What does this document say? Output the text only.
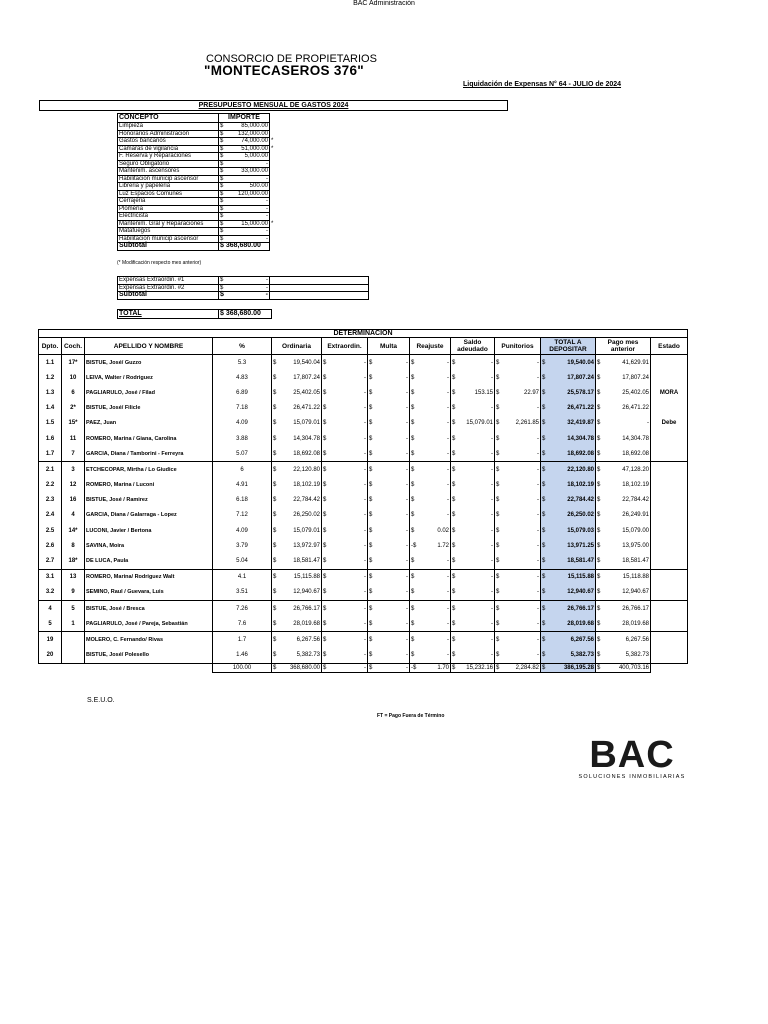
BAC Administración
CONSORCIO DE PROPIETARIOS
"MONTECASEROS 376"
Liquidación de Expensas N° 64 - JULIO de 2024
PRESUPUESTO MENSUAL DE GASTOS 2024
CONCEPTO	IMPORTE		
Limpieza	$	85,000.00	
Honorarios Administración	$	132,000.00	
Gastos bancarios	$	74,000.00	*
Camaras de vigilancia	$	51,000.00	*
F. Reserva y Reparaciones	$	5,000.00	
Seguro Obligatorio	$	-	
Mantenim. ascensores	$	33,000.00	
Habilitacion municip ascensor	$	-	
Libreria y papeleria	$	500.00	
Luz Espacios Comunes	$	120,000.00	
Cerrajeria	$	-	
Plomería	$	-	
Electricista	$	-	
Mantenim. Gral y Reparaciones	$	15,000.00	*
Matafuegos	$	-	
Habilitacion municip ascensor	$	-	
Subtotal	$ 368,680.00		
(* Modificación respecto mes anterior)
Expensas Extraordin. #1	$	-	
Expensas Extraordin. #2	$	-	
Subtotal	$	-	
TOTAL	$ 368,680.00
DETERMINACION																				
Dpto.	Coch.	APELLIDO Y NOMBRE	%	Ordinaria		Extraordin.		Multa		Reajuste		Saldo adeudado		Punitorios		TOTAL A DEPOSITAR		Pago mes anterior		Estado
1.1	17*	BISTUE, José/ Guzzo	5.3	$	19,540.04	$	-	$	-	$	-	$	-	$	-	$	19,540.04	$	41,629.91	
1.2	10	LEIVA, Walter / Rodriguez	4.83	$	17,807.24	$	-	$	-	$	-	$	-	$	-	$	17,807.24	$	17,807.24	
1.3	6	PAGLIARULO, José / Filad	6.89	$	25,402.05	$	-	$	-	$	-	$	153.15	$	22.97	$	25,578.17	$	25,402.05	MORA
1.4	2*	BISTUE, José/ Filicle	7.18	$	26,471.22	$	-	$	-	$	-	$	-	$	-	$	26,471.22	$	26,471.22	
1.5	15*	PAEZ, Juan	4.09	$	15,079.01	$	-	$	-	$	-	$	15,079.01	$	2,261.85	$	32,419.87	$	-	Debe
1.6	11	ROMERO, Marina / Giana, Carolina	3.88	$	14,304.78	$	-	$	-	$	-	$	-	$	-	$	14,304.78	$	14,304.78	
1.7	7	GARCIA, Diana / Tamborini - Ferreyra	5.07	$	18,692.08	$	-	$	-	$	-	$	-	$	-	$	18,692.08	$	18,692.08	
2.1	3	ETCHECOPAR, Mirtha / Lo Giudice	6	$	22,120.80	$	-	$	-	$	-	$	-	$	-	$	22,120.80	$	47,128.20	
2.2	12	ROMERO, Marina / Luconi	4.91	$	18,102.19	$	-	$	-	$	-	$	-	$	-	$	18,102.19	$	18,102.19	
2.3	16	BISTUE, José / Ramirez	6.18	$	22,784.42	$	-	$	-	$	-	$	-	$	-	$	22,784.42	$	22,784.42	
2.4	4	GARCIA, Diana / Galarraga - Lopez	7.12	$	26,250.02	$	-	$	-	$	-	$	-	$	-	$	26,250.02	$	26,249.91	
2.5	14*	LUCONI, Javier / Bertona	4.09	$	15,079.01	$	-	$	-	$	0.02	$	-	$	-	$	15,079.03	$	15,079.00	
2.6	8	SAVINA, Moira	3.79	$	13,972.97	$	-	$	-	-$	1.72	$	-	$	-	$	13,971.25	$	13,975.00	
2.7	18*	DE LUCA, Paula	5.04	$	18,581.47	$	-	$	-	$	-	$	-	$	-	$	18,581.47	$	18,581.47	
3.1	13	ROMERO, Marina/ Rodriguez Walt	4.1	$	15,115.88	$	-	$	-	$	-	$	-	$	-	$	15,115.88	$	15,118.88	
3.2	9	SEMINO, Raul / Guevara, Luis	3.51	$	12,940.67	$	-	$	-	$	-	$	-	$	-	$	12,940.67	$	12,940.67	
4	5	BISTUE, José / Bresca	7.26	$	26,766.17	$	-	$	-	$	-	$	-	$	-	$	26,766.17	$	26,766.17	
5	1	PAGLIARULO, José / Pareja, Sebastián	7.6	$	28,019.68	$	-	$	-	$	-	$	-	$	-	$	28,019.68	$	28,019.68	
19		MOLERO, C. Fernando/ Rivas	1.7	$	6,267.56	$	-	$	-	$	-	$	-	$	-	$	6,267.56	$	6,267.56	
20		BISTUE, José/ Polesello	1.46	$	5,382.73	$	-	$	-	$	-	$	-	$	-	$	5,382.73	$	5,382.73	
			100.00	$	368,680.00	$	-	$	-	-$	1.70	$	15,232.16	$	2,284.82	$	386,195.28	$	400,703.16	
S.E.U.O.
FT = Pago Fuera de Término
BAC
SOLUCIONES INMOBILIARIAS
